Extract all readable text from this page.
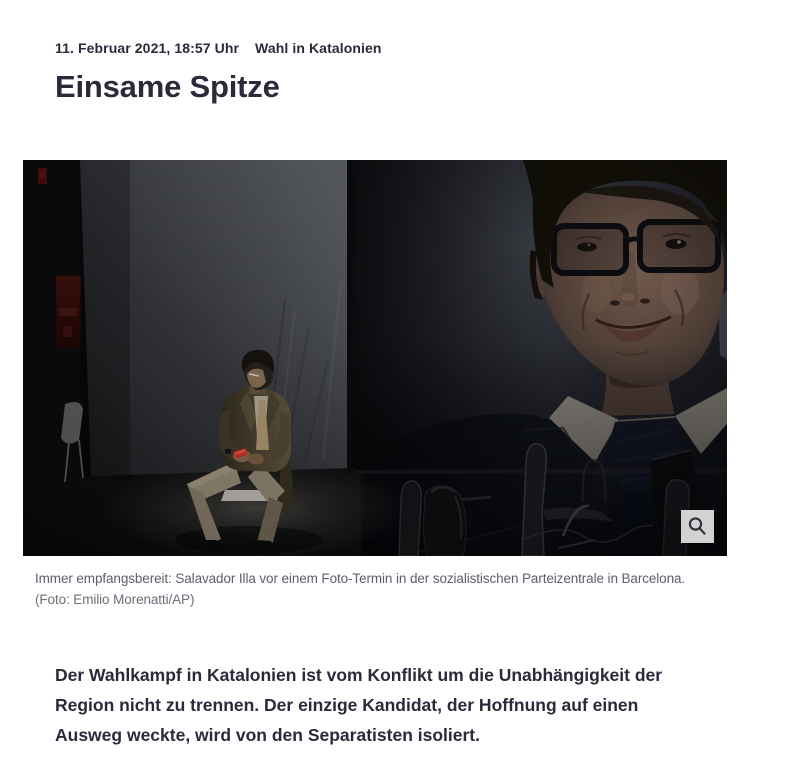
11. Februar 2021, 18:57 Uhr Wahl in Katalonien
Einsame Spitze
Immer empfangsbereit: Salavador Illa vor einem Foto-Termin in der sozialistischen Parteizentrale in Barcelona.
(Foto: Emilio Morenatti/AP)

Der Wahlkampf in Katalonien ist vom Konflikt um die Unabhängigkeit der Region nicht zu trennen. Der einzige Kandidat, der Hoffnung auf einen Ausweg weckte, wird von den Separatisten isoliert.
